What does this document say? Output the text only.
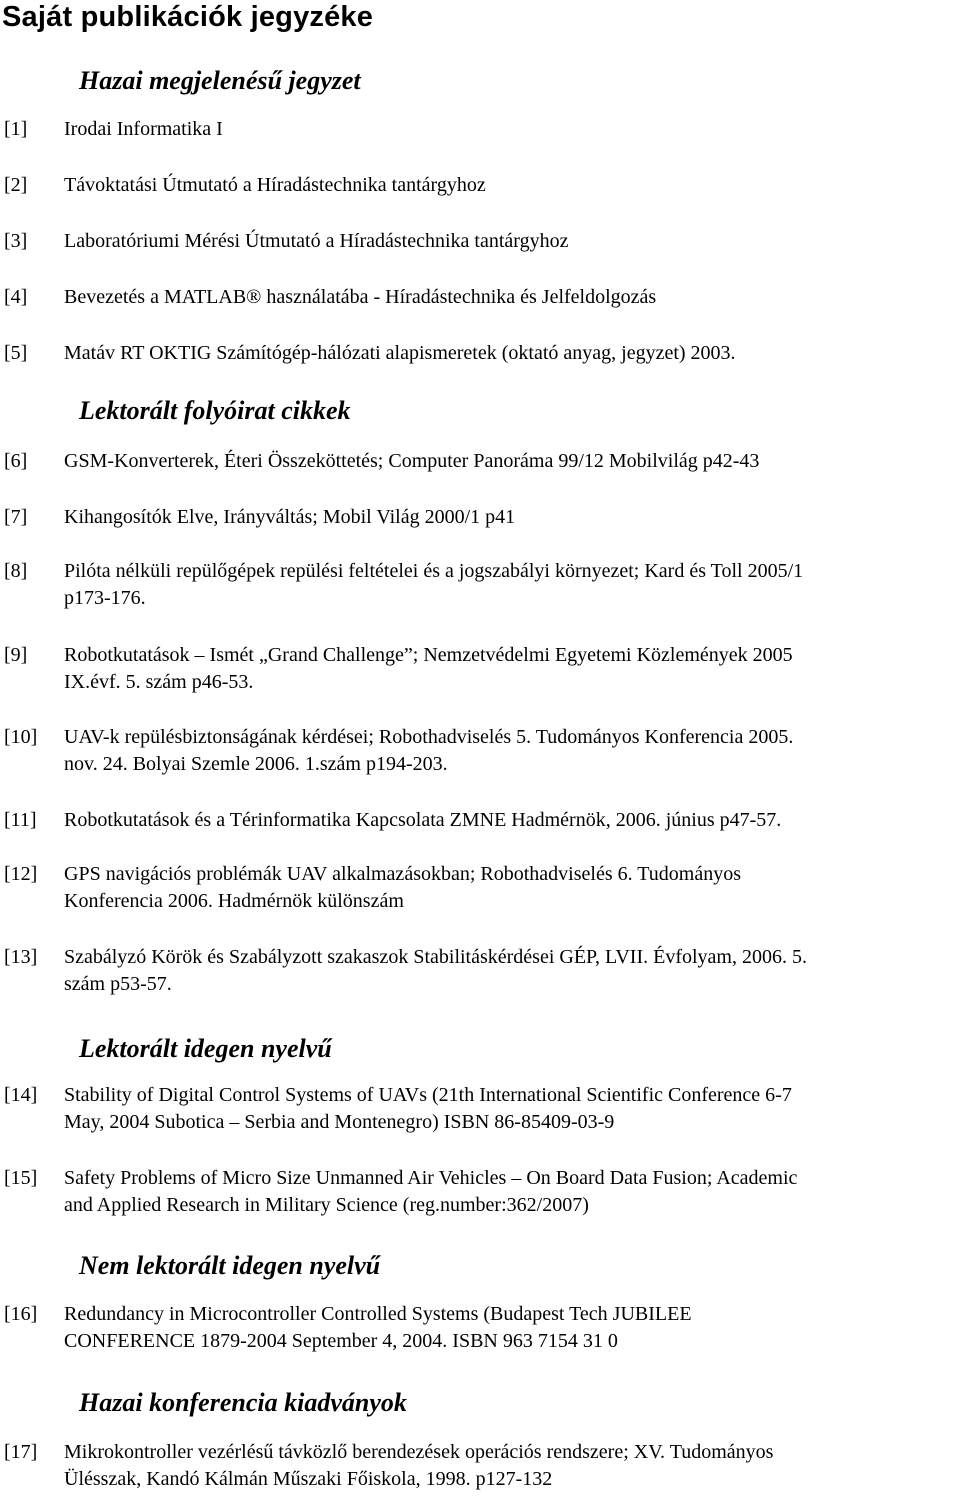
Saját publikációk jegyzéke
Hazai megjelenésű jegyzet
[1] Irodai Informatika I
[2] Távoktatási Útmutató a Híradástechnika tantárgyhoz
[3] Laboratóriumi Mérési Útmutató a Híradástechnika tantárgyhoz
[4] Bevezetés a MATLAB® használatába - Híradástechnika és Jelfeldolgozás
[5] Matáv RT OKTIG Számítógép-hálózati alapismeretek (oktató anyag, jegyzet) 2003.
Lektorált folyóirat cikkek
[6] GSM-Konverterek, Éteri Összeköttetés; Computer Panoráma 99/12 Mobilvilág p42-43
[7] Kihangosítók Elve, Irányváltás; Mobil Világ 2000/1 p41
[8] Pilóta nélküli repülőgépek repülési feltételei és a jogszabályi környezet; Kard és Toll 2005/1
p173-176.
[9] Robotkutatások – Ismét „Grand Challenge”; Nemzetvédelmi Egyetemi Közlemények 2005
IX.évf. 5. szám p46-53.
[10] UAV-k repülésbiztonságának kérdései; Robothadviselés 5. Tudományos Konferencia 2005.
nov. 24. Bolyai Szemle 2006. 1.szám p194-203.
[11] Robotkutatások és a Térinformatika Kapcsolata ZMNE Hadmérnök, 2006. június p47-57.
[12] GPS navigációs problémák UAV alkalmazásokban; Robothadviselés 6. Tudományos
Konferencia 2006. Hadmérnök különszám
[13] Szabályzó Körök és Szabályzott szakaszok Stabilitáskérdései GÉP, LVII. Évfolyam, 2006. 5.
szám p53-57.
Lektorált idegen nyelvű
[14] Stability of Digital Control Systems of UAVs (21th International Scientific Conference 6-7
May, 2004 Subotica – Serbia and Montenegro) ISBN 86-85409-03-9
[15] Safety Problems of Micro Size Unmanned Air Vehicles – On Board Data Fusion; Academic
and Applied Research in Military Science (reg.number:362/2007)
Nem lektorált idegen nyelvű
[16] Redundancy in Microcontroller Controlled Systems (Budapest Tech JUBILEE
CONFERENCE 1879-2004 September 4, 2004. ISBN 963 7154 31 0
Hazai konferencia kiadványok
[17] Mikrokontroller vezérlésű távközlő berendezések operációs rendszere; XV. Tudományos
Ülésszak, Kandó Kálmán Műszaki Főiskola, 1998. p127-132
